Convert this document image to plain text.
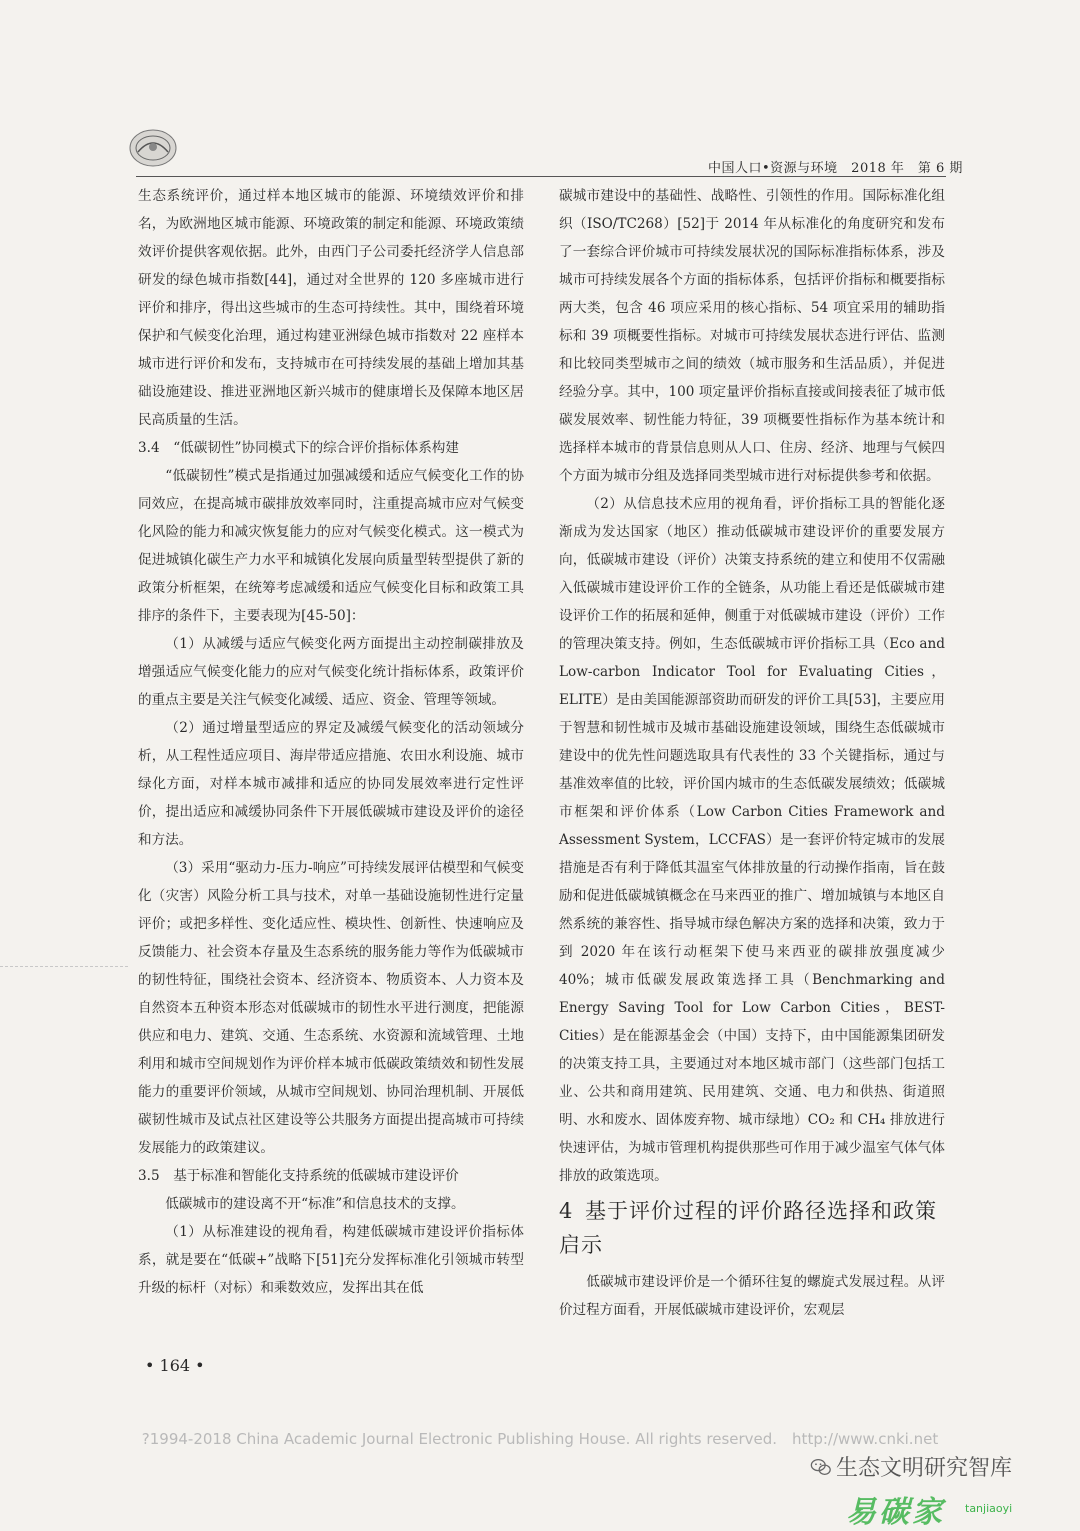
中国人口•资源与环境　2018 年　第 6 期

生态系统评价，通过样本地区城市的能源、环境绩效评价和排名，为欧洲地区城市能源、环境政策的制定和能源、环境政策绩效评价提供客观依据。此外，由西门子公司委托经济学人信息部研发的绿色城市指数[44]，通过对全世界的 120 多座城市进行评价和排序，得出这些城市的生态可持续性。其中，围绕着环境保护和气候变化治理，通过构建亚洲绿色城市指数对 22 座样本城市进行评价和发布，支持城市在可持续发展的基础上增加其基础设施建设、推进亚洲地区新兴城市的健康增长及保障本地区居民高质量的生活。

3.4　“低碳韧性”协同模式下的综合评价指标体系构建

“低碳韧性”模式是指通过加强减缓和适应气候变化工作的协同效应，在提高城市碳排放效率同时，注重提高城市应对气候变化风险的能力和减灾恢复能力的应对气候变化模式。这一模式为促进城镇化碳生产力水平和城镇化发展向质量型转型提供了新的政策分析框架，在统筹考虑减缓和适应气候变化目标和政策工具排序的条件下，主要表现为[45-50]：

（1）从减缓与适应气候变化两方面提出主动控制碳排放及增强适应气候变化能力的应对气候变化统计指标体系，政策评价的重点主要是关注气候变化减缓、适应、资金、管理等领域。

（2）通过增量型适应的界定及减缓气候变化的活动领域分析，从工程性适应项目、海岸带适应措施、农田水利设施、城市绿化方面，对样本城市减排和适应的协同发展效率进行定性评价，提出适应和减缓协同条件下开展低碳城市建设及评价的途径和方法。

（3）采用“驱动力-压力-响应”可持续发展评估模型和气候变化（灾害）风险分析工具与技术，对单一基础设施韧性进行定量评价；或把多样性、变化适应性、模块性、创新性、快速响应及反馈能力、社会资本存量及生态系统的服务能力等作为低碳城市的韧性特征，围绕社会资本、经济资本、物质资本、人力资本及自然资本五种资本形态对低碳城市的韧性水平进行测度，把能源供应和电力、建筑、交通、生态系统、水资源和流域管理、土地利用和城市空间规划作为评价样本城市低碳政策绩效和韧性发展能力的重要评价领域，从城市空间规划、协同治理机制、开展低碳韧性城市及试点社区建设等公共服务方面提出提高城市可持续发展能力的政策建议。

3.5　基于标准和智能化支持系统的低碳城市建设评价

低碳城市的建设离不开“标准”和信息技术的支撑。

（1）从标准建设的视角看，构建低碳城市建设评价指标体系，就是要在“低碳+”战略下[51]充分发挥标准化引领城市转型升级的标杆（对标）和乘数效应，发挥出其在低

碳城市建设中的基础性、战略性、引领性的作用。国际标准化组织（ISO/TC268）[52]于 2014 年从标准化的角度研究和发布了一套综合评价城市可持续发展状况的国际标准指标体系，涉及城市可持续发展各个方面的指标体系，包括评价指标和概要指标两大类，包含 46 项应采用的核心指标、54 项宜采用的辅助指标和 39 项概要性指标。对城市可持续发展状态进行评估、监测和比较同类型城市之间的绩效（城市服务和生活品质），并促进经验分享。其中，100 项定量评价指标直接或间接表征了城市低碳发展效率、韧性能力特征，39 项概要性指标作为基本统计和选择样本城市的背景信息则从人口、住房、经济、地理与气候四个方面为城市分组及选择同类型城市进行对标提供参考和依据。

（2）从信息技术应用的视角看，评价指标工具的智能化逐渐成为发达国家（地区）推动低碳城市建设评价的重要发展方向，低碳城市建设（评价）决策支持系统的建立和使用不仅需融入低碳城市建设评价工作的全链条，从功能上看还是低碳城市建设评价工作的拓展和延伸，侧重于对低碳城市建设（评价）工作的管理决策支持。例如，生态低碳城市评价指标工具（Eco and Low-carbon Indicator Tool for Evaluating Cities，ELITE）是由美国能源部资助而研发的评价工具[53]，主要应用于智慧和韧性城市及城市基础设施建设领域，围绕生态低碳城市建设中的优先性问题选取具有代表性的 33 个关键指标，通过与基准效率值的比较，评价国内城市的生态低碳发展绩效；低碳城市框架和评价体系（Low Carbon Cities Framework and Assessment System，LCCFAS）是一套评价特定城市的发展措施是否有利于降低其温室气体排放量的行动操作指南，旨在鼓励和促进低碳城镇概念在马来西亚的推广、增加城镇与本地区自然系统的兼容性、指导城市绿色解决方案的选择和决策，致力于到 2020 年在该行动框架下使马来西亚的碳排放强度减少 40%；城市低碳发展政策选择工具（Benchmarking and Energy Saving Tool for Low Carbon Cities，BEST-Cities）是在能源基金会（中国）支持下，由中国能源集团研发的决策支持工具，主要通过对本地区城市部门（这些部门包括工业、公共和商用建筑、民用建筑、交通、电力和供热、街道照明、水和废水、固体废弃物、城市绿地）CO₂ 和 CH₄ 排放进行快速评估，为城市管理机构提供那些可作用于减少温室气体气体排放的政策选项。

4 基于评价过程的评价路径选择和政策启示

低碳城市建设评价是一个循环往复的螺旋式发展过程。从评价过程方面看，开展低碳城市建设评价，宏观层

• 164 •
?1994-2018 China Academic Journal Electronic Publishing House. All rights reserved.　http://www.cnki.net
生态文明研究智库
易碳家 tanjiaoyi
